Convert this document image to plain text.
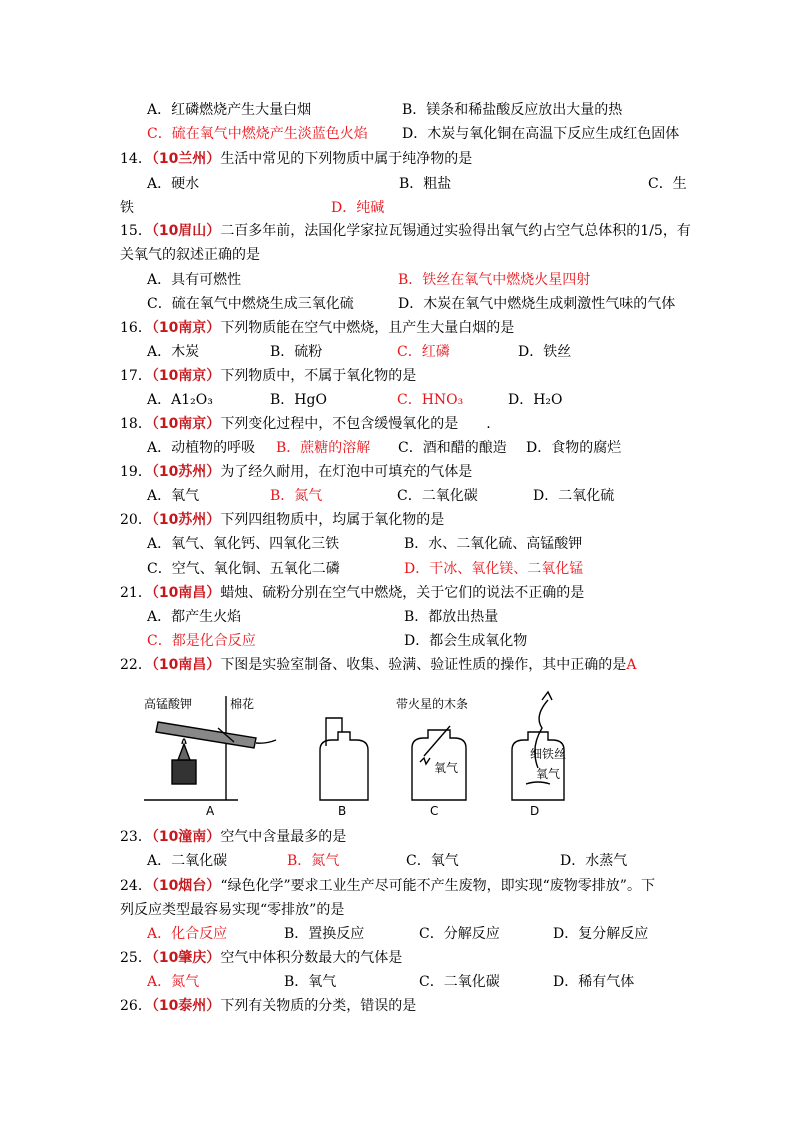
A．红磷燃烧产生大量白烟	B．镁条和稀盐酸反应放出大量的热
C．硫在氧气中燃烧产生淡蓝色火焰 D．木炭与氧化铜在高温下反应生成红色固体
14．（10兰州）生活中常见的下列物质中属于纯净物的是
A．硬水	B．粗盐	C．生
铁	D．纯碱
15．（10眉山）二百多年前，法国化学家拉瓦锡通过实验得出氧气约占空气总体积的1/5，有
关氧气的叙述正确的是
A．具有可燃性	B．铁丝在氧气中燃烧火星四射
C．硫在氧气中燃烧生成三氧化硫	D．木炭在氧气中燃烧生成刺激性气味的气体
16．（10南京）下列物质能在空气中燃烧，且产生大量白烟的是
A．木炭	B．硫粉	C．红磷	D．铁丝
17．（10南京）下列物质中，不属于氧化物的是
A．A1₂O₃	B．HgO	C．HNO₃	D．H₂O
18．（10南京）下列变化过程中，不包含缓慢氧化的是　　.
A．动植物的呼吸 B．蔗糖的溶解 C．酒和醋的酿造 D．食物的腐烂
19．（10苏州）为了经久耐用，在灯泡中可填充的气体是
A．氧气	B．氮气	C．二氧化碳	D．二氧化硫
20．（10苏州）下列四组物质中，均属于氧化物的是
A．氧气、氧化钙、四氧化三铁	B．水、二氧化硫、高锰酸钾
C．空气、氧化铜、五氧化二磷	D．干冰、氧化镁、二氧化锰
21．（10南昌）蜡烛、硫粉分别在空气中燃烧，关于它们的说法不正确的是
A．都产生火焰	B．都放出热量
C．都是化合反应	D．都会生成氧化物
22．（10南昌）下图是实验室制备、收集、验满、验证性质的操作，其中正确的是A
高锰酸钾	棉花	带火星的木条
氧气
细铁丝
氧气
A	B	C	D
23．（10潼南）空气中含量最多的是
A．二氧化碳	B．氮气	C．氧气	D．水蒸气
24．（10烟台）“绿色化学”要求工业生产尽可能不产生废物，即实现“废物零排放”。下
列反应类型最容易实现“零排放”的是
A．化合反应	B．置换反应	C．分解反应	D．复分解反应
25．（10肇庆）空气中体积分数最大的气体是
A．氮气	B．氧气	C．二氧化碳	D．稀有气体
26．（10泰州）下列有关物质的分类，错误的是
